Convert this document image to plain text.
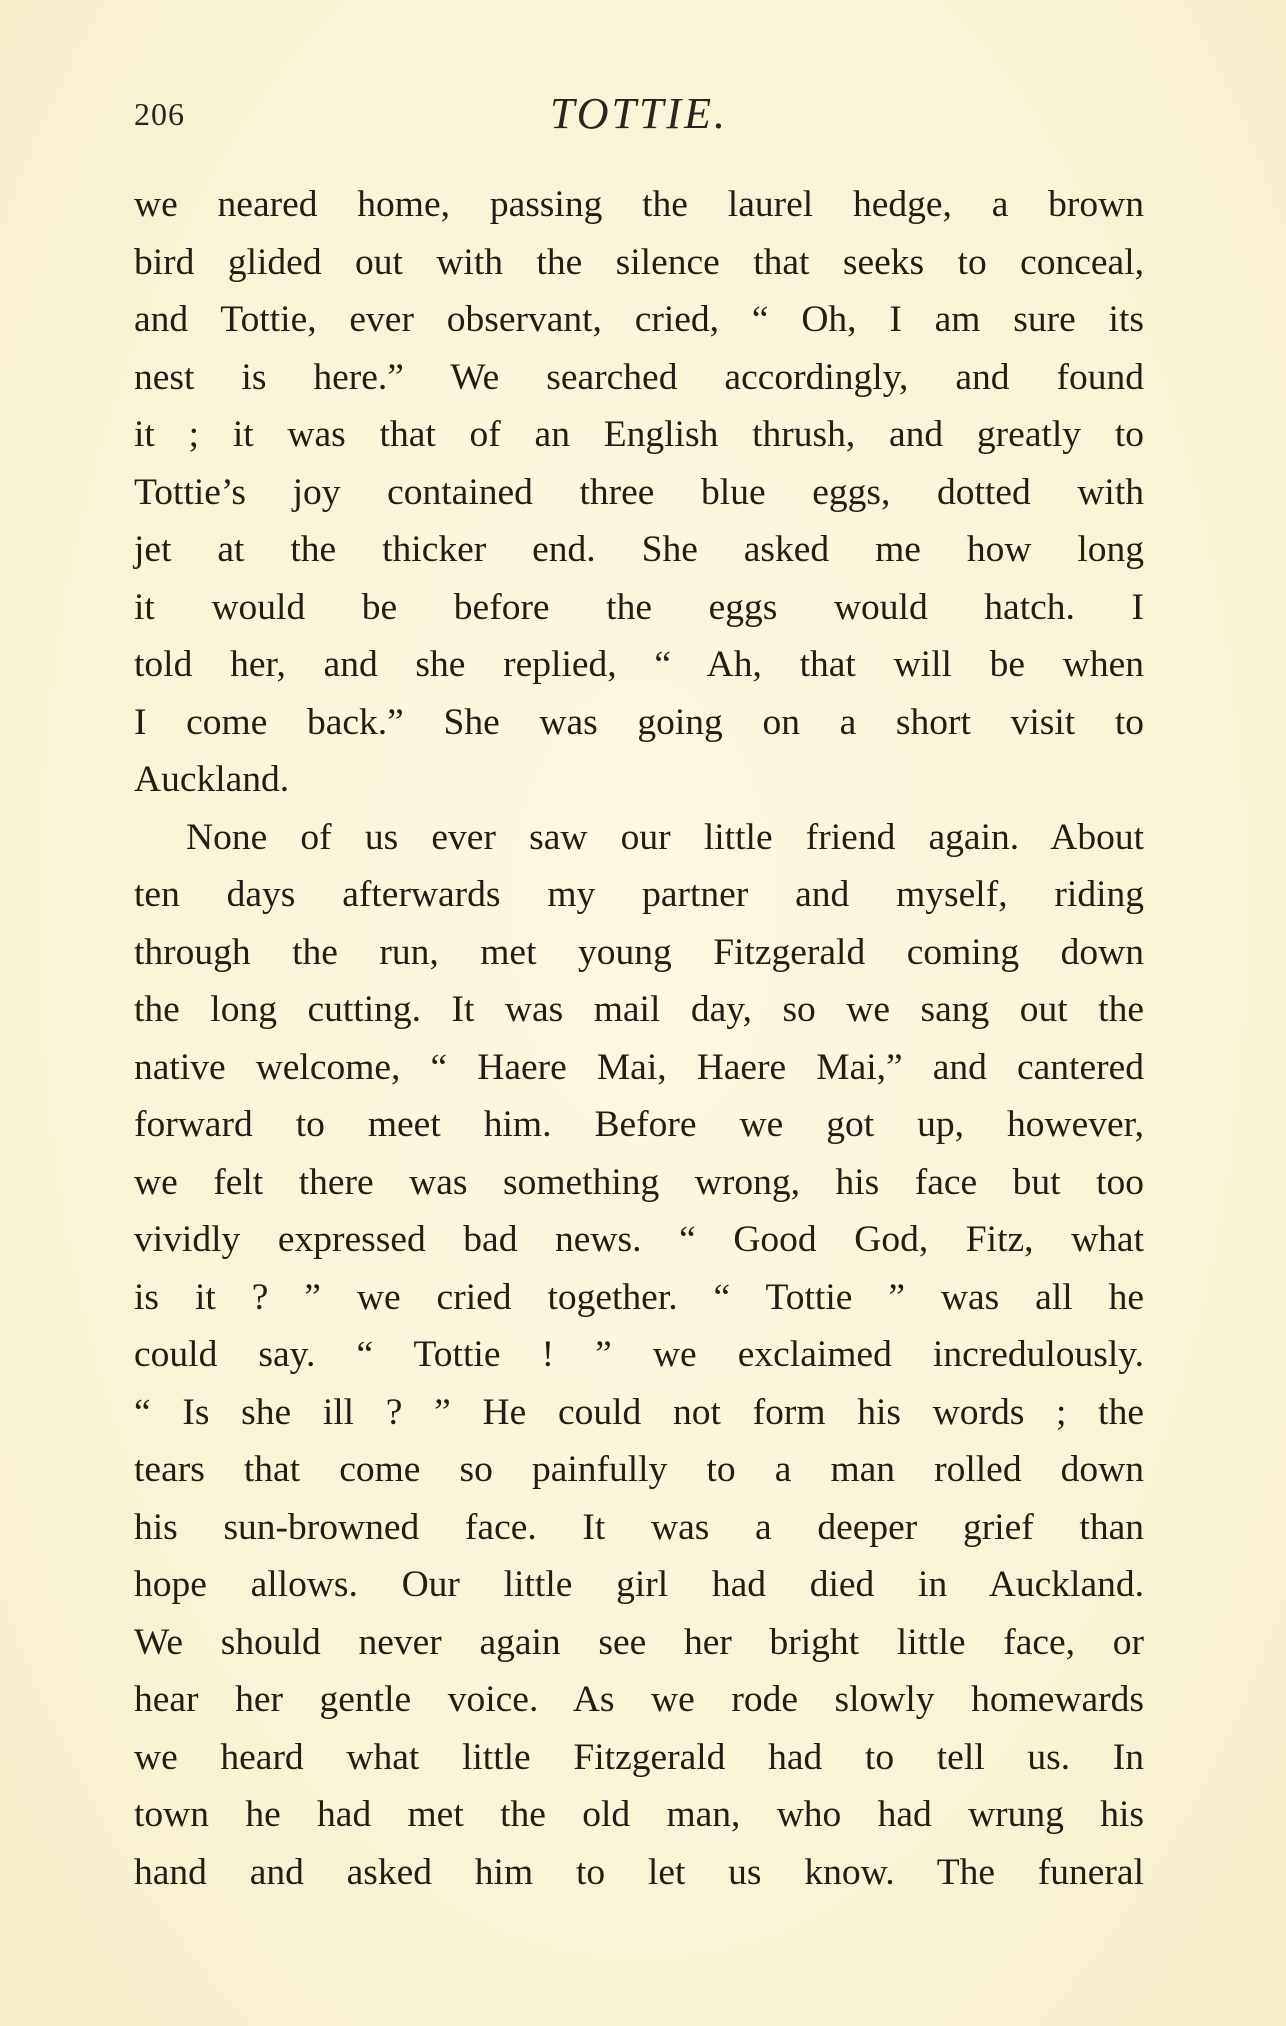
206	TOTTIE.
we neared home, passing the laurel hedge, a brown
bird glided out with the silence that seeks to conceal,
and Tottie, ever observant, cried, “ Oh, I am sure its
nest is here.” We searched accordingly, and found
it ; it was that of an English thrush, and greatly to
Tottie’s joy contained three blue eggs, dotted with
jet at the thicker end. She asked me how long
it would be before the eggs would hatch. I
told her, and she replied, “ Ah, that will be when
I come back.” She was going on a short visit to
Auckland.
None of us ever saw our little friend again. About
ten days afterwards my partner and myself, riding
through the run, met young Fitzgerald coming down
the long cutting. It was mail day, so we sang out the
native welcome, “ Haere Mai, Haere Mai,” and cantered
forward to meet him. Before we got up, however,
we felt there was something wrong, his face but too
vividly expressed bad news. “ Good God, Fitz, what
is it ? ” we cried together. “ Tottie ” was all he
could say. “ Tottie ! ” we exclaimed incredulously.
“ Is she ill ? ” He could not form his words ; the
tears that come so painfully to a man rolled down
his sun-browned face. It was a deeper grief than
hope allows. Our little girl had died in Auckland.
We should never again see her bright little face, or
hear her gentle voice. As we rode slowly homewards
we heard what little Fitzgerald had to tell us. In
town he had met the old man, who had wrung his
hand and asked him to let us know. The funeral
